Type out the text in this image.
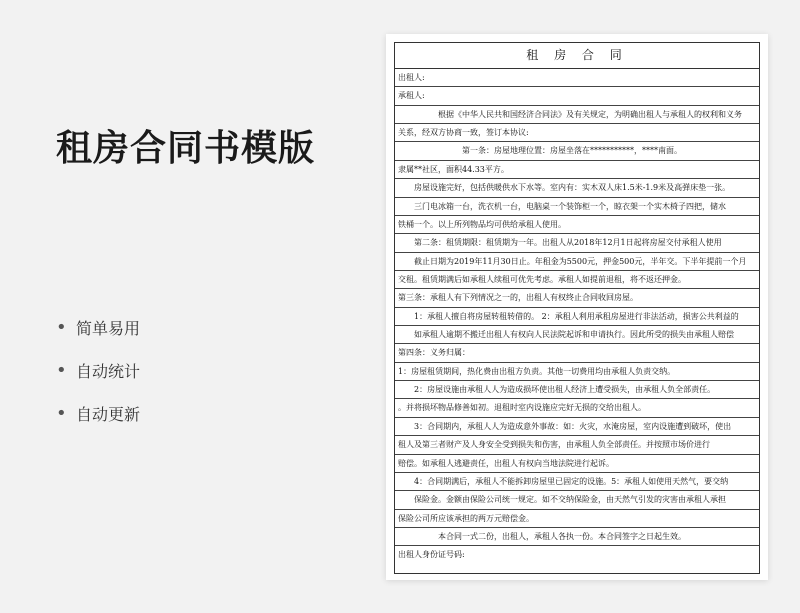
租房合同书模版
• 简单易用
• 自动统计
• 自动更新
租 房 合 同
出租人:
承租人:
根据《中华人民共和国经济合同法》及有关规定，为明确出租人与承租人的权利和义务
关系，经双方协商一致，签订本协议:
第一条：房屋地理位置：房屋坐落在***********，****南面。
隶属**社区，面积44.33平方。
房屋设施完好，包括供暖供水下水等。室内有：实木双人床1.5米-1.9米及高弹床垫一张。
三门电冰箱一台，洗衣机一台，电脑桌一个装饰柜一个，晾衣架一个实木椅子四把，储水
铁桶一个。以上所列物品均可供给承租人使用。
第二条：租赁期限：租赁期为一年。出租人从2018年12月1日起将房屋交付承租人使用
截止日期为2019年11月30日止。年租金为5500元，押金500元，半年交。下半年提前一个月
交租。租赁期满后如承租人续租可优先考虑。承租人如提前退租，将不返还押金。
第三条：承租人有下列情况之一的，出租人有权终止合同收回房屋。
1：承租人擅自将房屋转租转借的。 2：承租人利用承租房屋进行非法活动，损害公共利益的
如承租人逾期不搬迁出租人有权向人民法院起诉和申请执行。因此所受的损失由承租人赔偿
第四条：义务归属：
1：房屋租赁期间，热化费由出租方负责。其他一切费用均由承租人负责交纳。
2：房屋设施由承租人人为造成损坏使出租人经济上遭受损失，由承租人负全部责任。
。并将损坏物品修善如初。退租时室内设施应完好无损的交给出租人。
3：合同期内，承租人人为造成意外事故：如：火灾，水淹房屋，室内设施遭到破坏，使出
租人及第三者财产及人身安全受到损失和伤害，由承租人负全部责任。并按照市场价进行
赔偿。如承租人逃避责任，出租人有权向当地法院进行起诉。
4：合同期满后，承租人不能拆卸房屋里已固定的设施。5：承租人如使用天然气，要交纳
保险金。金额由保险公司统一规定。如不交纳保险金，由天然气引发的灾害由承租人承担
保险公司所应该承担的两万元赔偿金。
本合同一式二份，出租人，承租人各执一份。本合同签字之日起生效。
出租人身份证号码:
